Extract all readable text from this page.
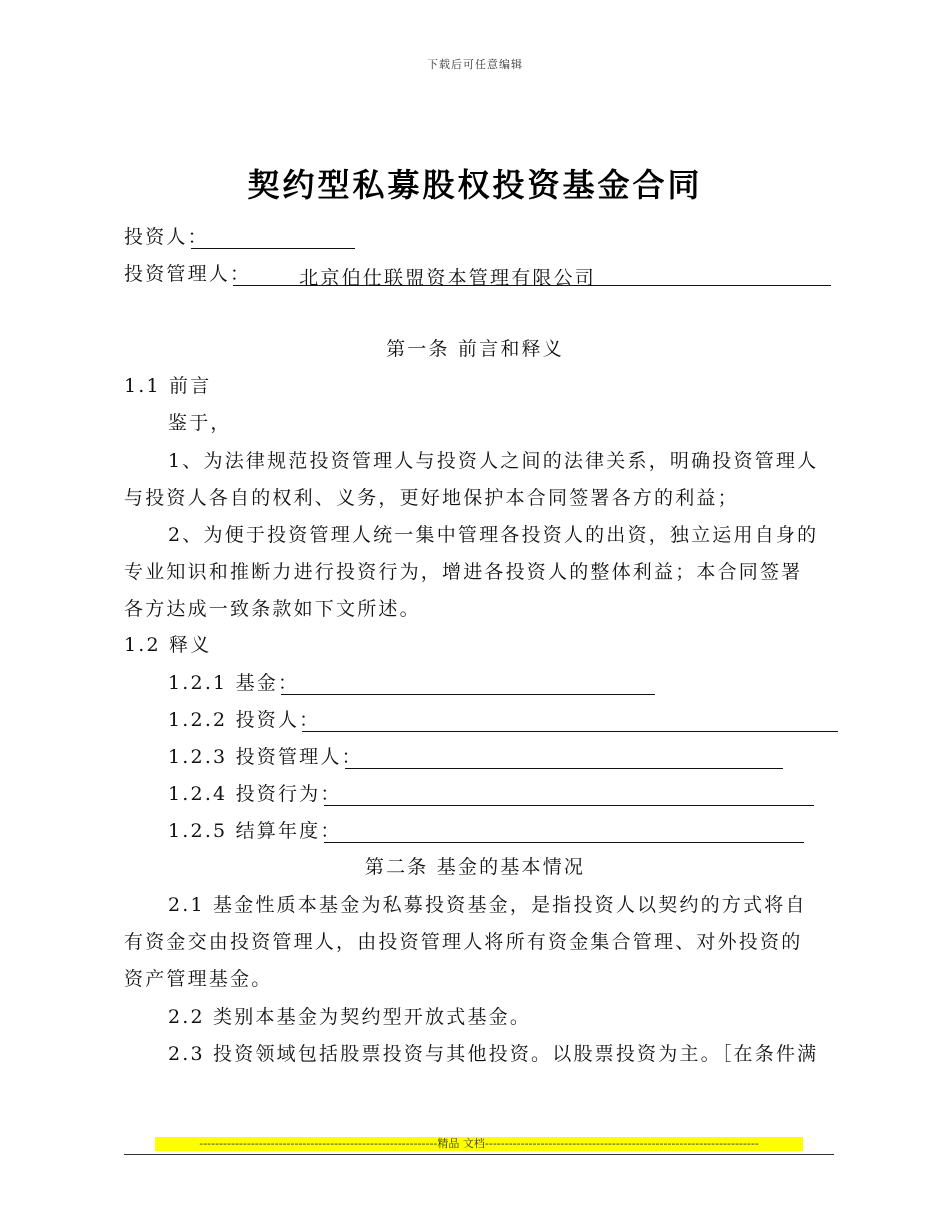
下载后可任意编辑
契约型私募股权投资基金合同
投资人：
投资管理人：	北京伯仕联盟资本管理有限公司
第一条 前言和释义
1.1 前言
鉴于，
1、为法律规范投资管理人与投资人之间的法律关系，明确投资管理人
与投资人各自的权利、义务，更好地保护本合同签署各方的利益；
2、为便于投资管理人统一集中管理各投资人的出资，独立运用自身的
专业知识和推断力进行投资行为，增进各投资人的整体利益；本合同签署
各方达成一致条款如下文所述。
1.2 释义
1.2.1 基金：
1.2.2 投资人：
1.2.3 投资管理人：
1.2.4 投资行为：
1.2.5 结算年度：
第二条 基金的基本情况
2.1 基金性质本基金为私募投资基金，是指投资人以契约的方式将自
有资金交由投资管理人，由投资管理人将所有资金集合管理、对外投资的
资产管理基金。
2.2 类别本基金为契约型开放式基金。
2.3 投资领域包括股票投资与其他投资。以股票投资为主。［在条件满
------------------------------------------------------------精品 文档---------------------------------------------------------------------
